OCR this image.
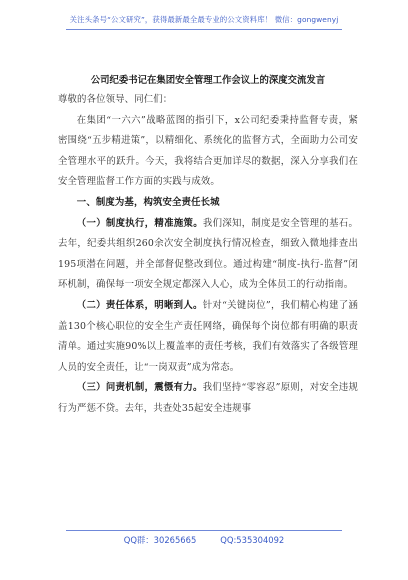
关注头条号“公文研究”，获得最新最全最专业的公文资料库！ 微信：gongwenyj
公司纪委书记在集团安全管理工作会议上的深度交流发言

尊敬的各位领导、同仁们：

在集团“一六六”战略蓝图的指引下，x公司纪委秉持监督专责，紧密围绕“五步精进策”，以精细化、系统化的监督方式，全面助力公司安全管理水平的跃升。今天，我将结合更加详尽的数据，深入分享我们在安全管理监督工作方面的实践与成效。

一、制度为基，构筑安全责任长城

（一）制度执行，精准施策。我们深知，制度是安全管理的基石。去年，纪委共组织260余次安全制度执行情况检查，细致入微地排查出195项潜在问题，并全部督促整改到位。通过构建“制度-执行-监督”闭环机制，确保每一项安全规定都深入人心，成为全体员工的行动指南。

（二）责任体系，明晰到人。针对“关键岗位”，我们精心构建了涵盖130个核心职位的安全生产责任网络，确保每个岗位都有明确的职责清单。通过实施90%以上覆盖率的责任考核，我们有效落实了各级管理人员的安全责任，让“一岗双责”成为常态。

（三）问责机制，震慑有力。我们坚持“零容忍”原则，对安全违规行为严惩不贷。去年，共查处35起安全违规事

QQ群：30265665	QQ:535304092
